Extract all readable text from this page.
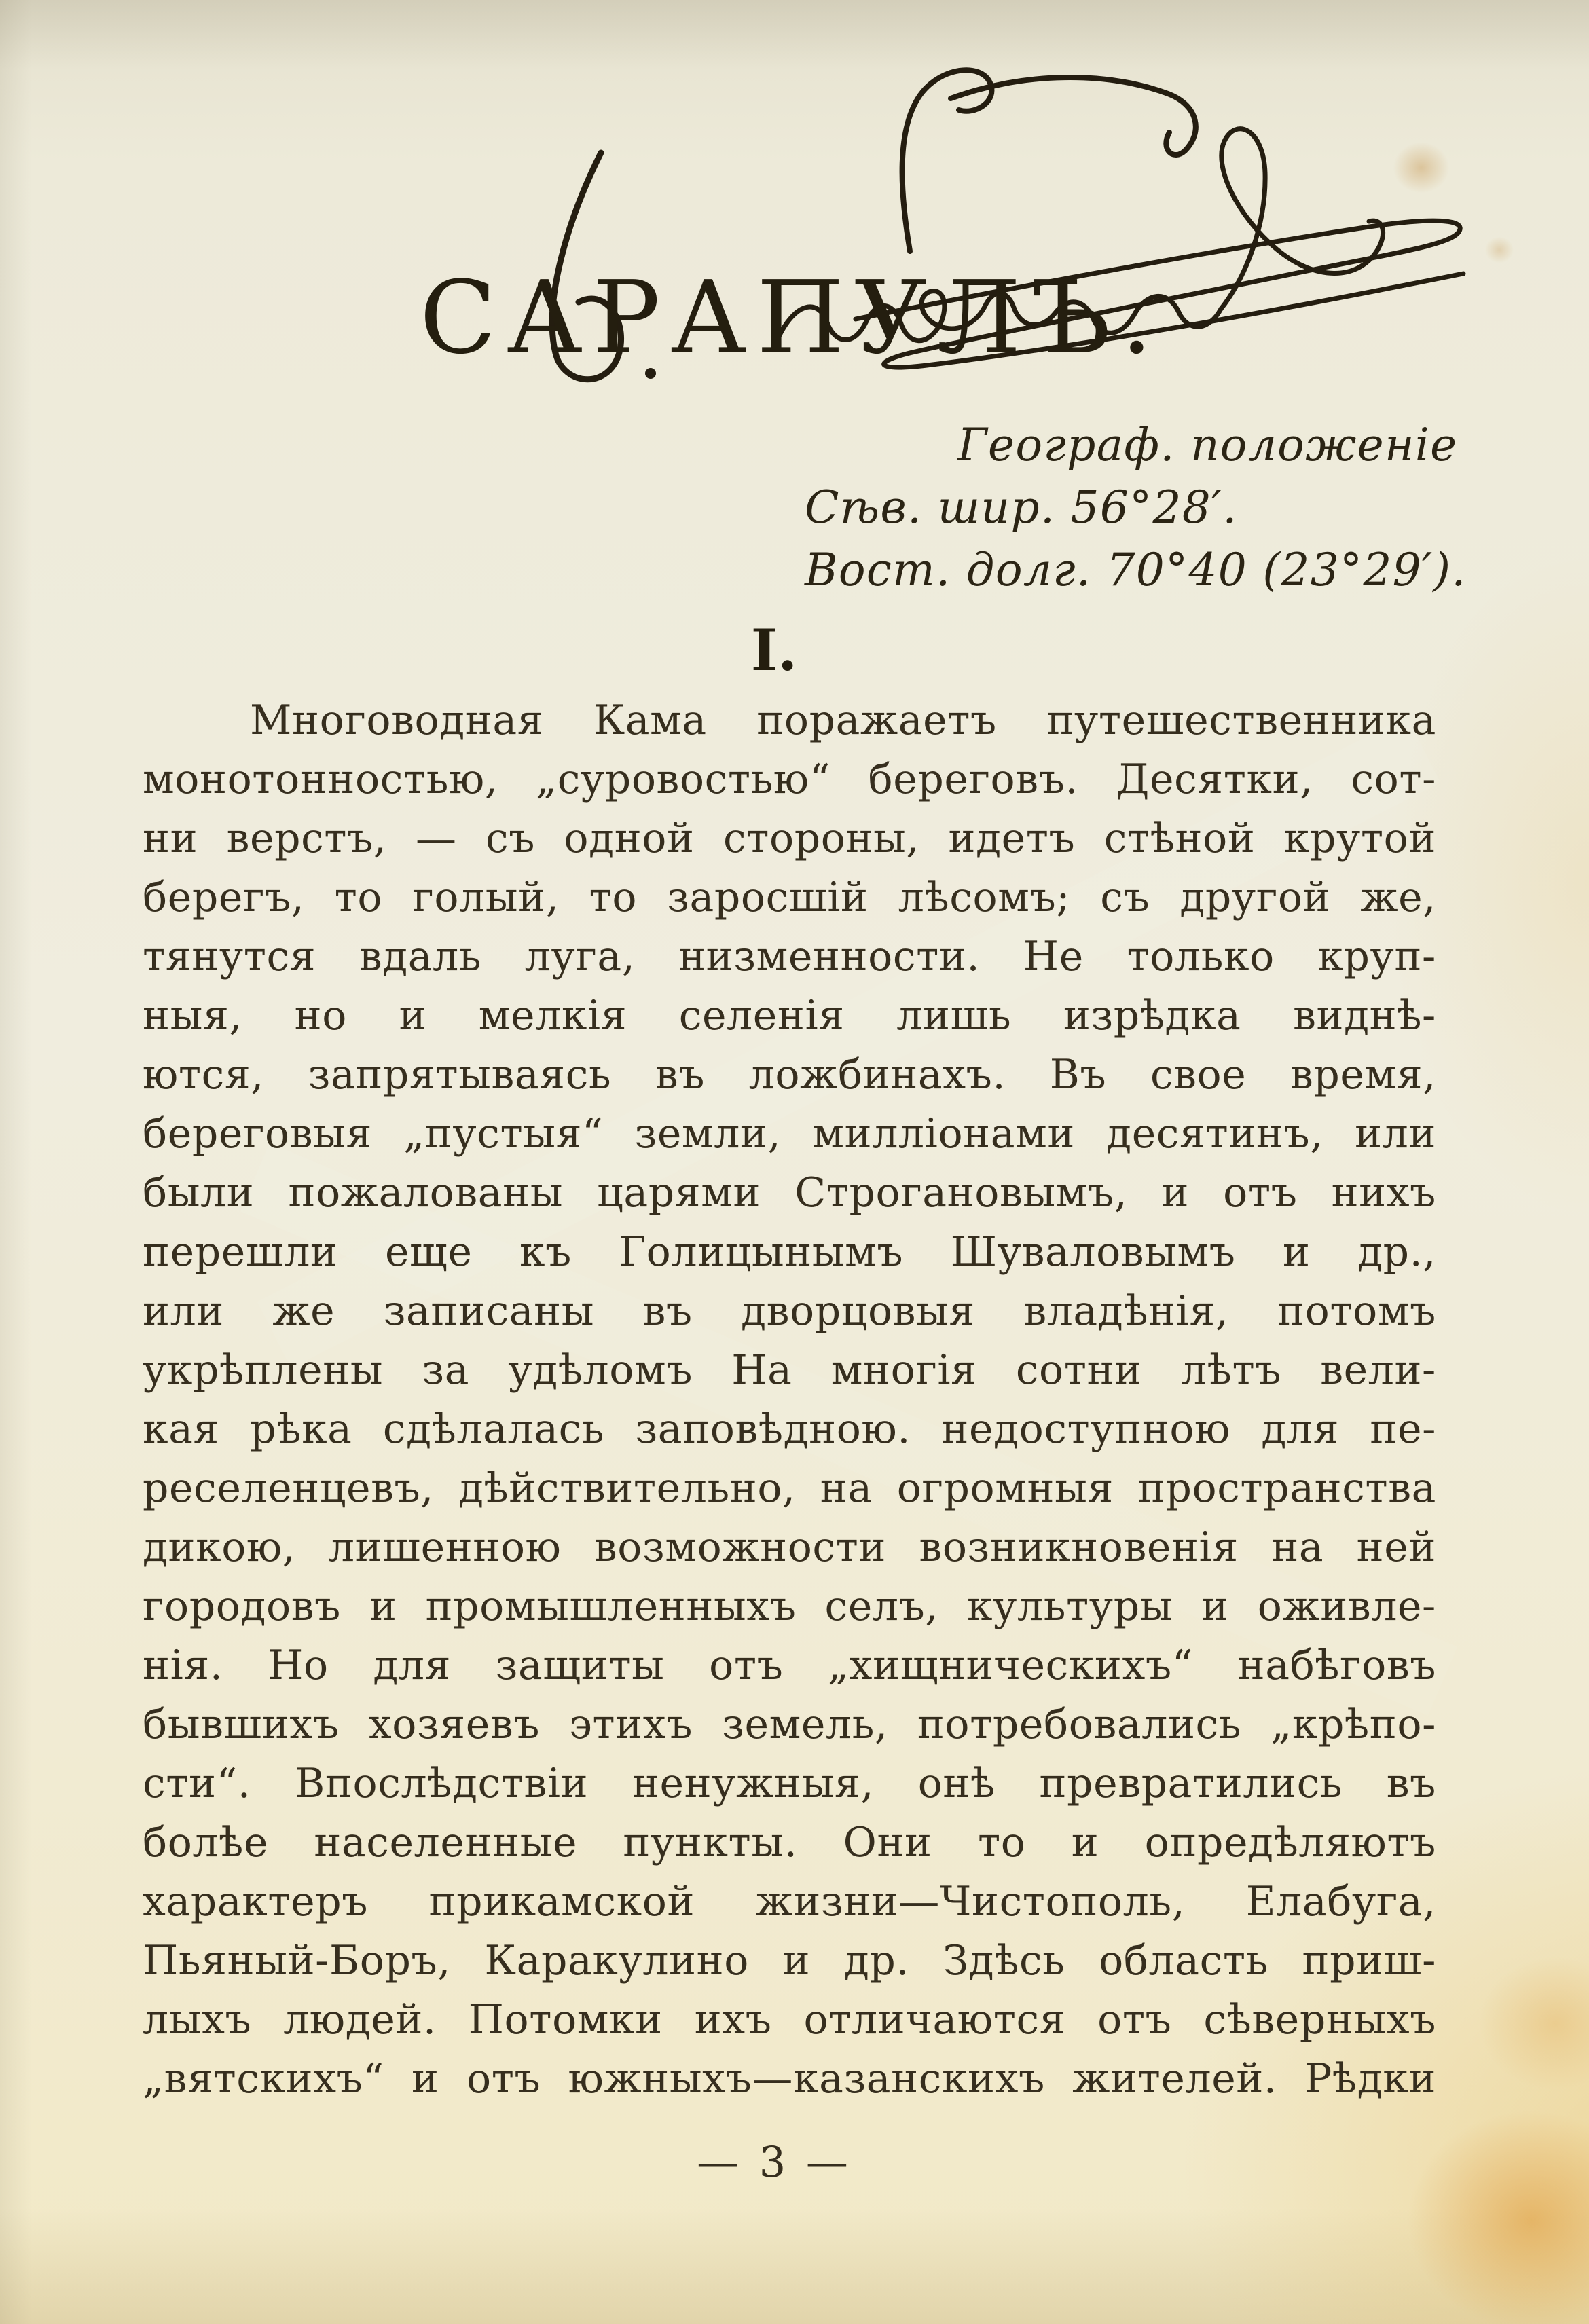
САРАПУЛЪ.
Географ. положеніе
Сѣв. шир. 56°28′.
Вост. долг. 70°40 (23°29′).
I.
Многоводная Кама поражаетъ путешественника
монотонностью, „суровостью“ береговъ. Десятки, сот-
ни верстъ, — съ одной стороны, идетъ стѣной крутой
берегъ, то голый, то заросшій лѣсомъ; съ другой же,
тянутся вдаль луга, низменности. Не только круп-
ныя, но и мелкія селенія лишь изрѣдка виднѣ-
ются, запрятываясь въ ложбинахъ. Въ свое время,
береговыя „пустыя“ земли, милліонами десятинъ, или
были пожалованы царями Строгановымъ, и отъ нихъ
перешли еще къ Голицынымъ Шуваловымъ и др.,
или же записаны въ дворцовыя владѣнія, потомъ
укрѣплены за удѣломъ На многія сотни лѣтъ вели-
кая рѣка сдѣлалась заповѣдною. недоступною для пе-
реселенцевъ, дѣйствительно, на огромныя пространства
дикою, лишенною возможности возникновенія на ней
городовъ и промышленныхъ селъ, культуры и оживле-
нія. Но для защиты отъ „хищническихъ“ набѣговъ
бывшихъ хозяевъ этихъ земель, потребовались „крѣпо-
сти“. Впослѣдствіи ненужныя, онѣ превратились въ
болѣе населенные пункты. Они то и опредѣляютъ
характеръ прикамской жизни—Чистополь, Елабуга,
Пьяный-Боръ, Каракулино и др. Здѣсь область приш-
лыхъ людей. Потомки ихъ отличаются отъ сѣверныхъ
„вятскихъ“ и отъ южныхъ—казанскихъ жителей. Рѣдки
— 3 —
